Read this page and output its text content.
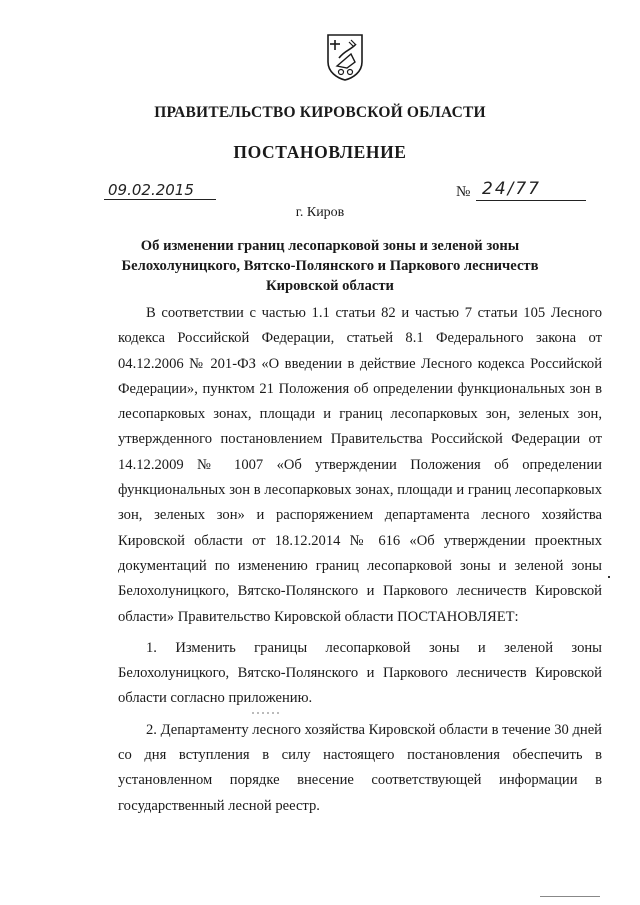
ПРАВИТЕЛЬСТВО КИРОВСКОЙ ОБЛАСТИ
ПОСТАНОВЛЕНИЕ
09.02.2015	№ 24/77
г. Киров
Об изменении границ лесопарковой зоны и зеленой зоны
Белохолуницкого, Вятско-Полянского и Паркового лесничеств
Кировской области

В соответствии с частью 1.1 статьи 82 и частью 7 статьи 105 Лесного кодекса Российской Федерации, статьей 8.1 Федерального закона от 04.12.2006 № 201-ФЗ «О введении в действие Лесного кодекса Российской Федерации», пунктом 21 Положения об определении функциональных зон в лесопарковых зонах, площади и границ лесопарковых зон, зеленых зон, утвержденного постановлением Правительства Российской Федерации от 14.12.2009 № 1007 «Об утверждении Положения об определении функциональных зон в лесопарковых зонах, площади и границ лесопарковых зон, зеленых зон» и распоряжением департамента лесного хозяйства Кировской области от 18.12.2014 № 616 «Об утверждении проектных документаций по изменению границ лесопарковой зоны и зеленой зоны Белохолуницкого, Вятско-Полянского и Паркового лесничеств Кировской области» Правительство Кировской области ПОСТАНОВЛЯЕТ:

1. Изменить границы лесопарковой зоны и зеленой зоны Белохолуницкого, Вятско-Полянского и Паркового лесничеств Кировской области согласно приложению.

2. Департаменту лесного хозяйства Кировской области в течение 30 дней со дня вступления в силу настоящего постановления обеспечить в установленном порядке внесение соответствующей информации в государственный лесной реестр.
